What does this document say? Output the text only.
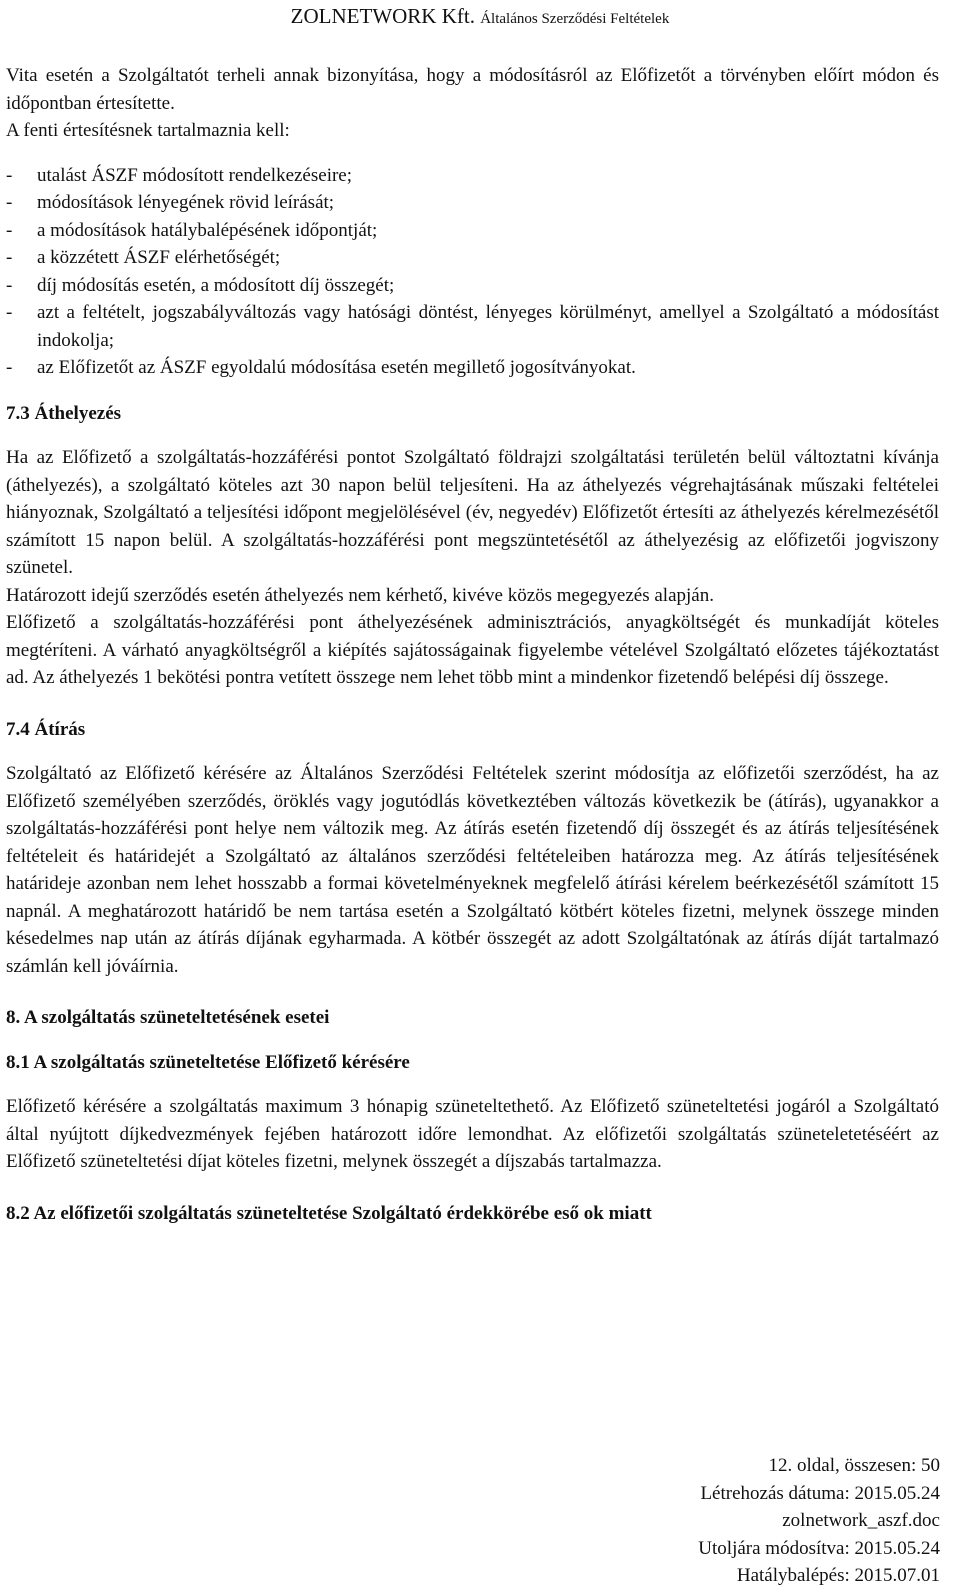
ZOLNETWORK Kft. Általános Szerződési Feltételek

Vita esetén a Szolgáltatót terheli annak bizonyítása, hogy a módosításról az Előfizetőt a törvényben előírt módon és időpontban értesítette.

A fenti értesítésnek tartalmaznia kell:

- utalást ÁSZF módosított rendelkezéseire;
- módosítások lényegének rövid leírását;
- a módosítások hatálybalépésének időpontját;
- a közzétett ÁSZF elérhetőségét;
- díj módosítás esetén, a módosított díj összegét;
- azt a feltételt, jogszabályváltozás vagy hatósági döntést, lényeges körülményt, amellyel a Szolgáltató a módosítást indokolja;
- az Előfizetőt az ÁSZF egyoldalú módosítása esetén megillető jogosítványokat.
7.3 Áthelyezés

Ha az Előfizető a szolgáltatás-hozzáférési pontot Szolgáltató földrajzi szolgáltatási területén belül változtatni kívánja (áthelyezés), a szolgáltató köteles azt 30 napon belül teljesíteni. Ha az áthelyezés végrehajtásának műszaki feltételei hiányoznak, Szolgáltató a teljesítési időpont megjelölésével (év, negyedév) Előfizetőt értesíti az áthelyezés kérelmezésétől számított 15 napon belül. A szolgáltatás-hozzáférési pont megszüntetésétől az áthelyezésig az előfizetői jogviszony szünetel.

Határozott idejű szerződés esetén áthelyezés nem kérhető, kivéve közös megegyezés alapján.

Előfizető a szolgáltatás-hozzáférési pont áthelyezésének adminisztrációs, anyagköltségét és munkadíját köteles megtéríteni. A várható anyagköltségről a kiépítés sajátosságainak figyelembe vételével Szolgáltató előzetes tájékoztatást ad. Az áthelyezés 1 bekötési pontra vetített összege nem lehet több mint a mindenkor fizetendő belépési díj összege.

7.4 Átírás

Szolgáltató az Előfizető kérésére az Általános Szerződési Feltételek szerint módosítja az előfizetői szerződést, ha az Előfizető személyében szerződés, öröklés vagy jogutódlás következtében változás következik be (átírás), ugyanakkor a szolgáltatás-hozzáférési pont helye nem változik meg. Az átírás esetén fizetendő díj összegét és az átírás teljesítésének feltételeit és határidejét a Szolgáltató az általános szerződési feltételeiben határozza meg. Az átírás teljesítésének határideje azonban nem lehet hosszabb a formai követelményeknek megfelelő átírási kérelem beérkezésétől számított 15 napnál. A meghatározott határidő be nem tartása esetén a Szolgáltató kötbért köteles fizetni, melynek összege minden késedelmes nap után az átírás díjának egyharmada. A kötbér összegét az adott Szolgáltatónak az átírás díját tartalmazó számlán kell jóváírnia.

8. A szolgáltatás szüneteltetésének esetei
8.1 A szolgáltatás szüneteltetése Előfizető kérésére

Előfizető kérésére a szolgáltatás maximum 3 hónapig szüneteltethető. Az Előfizető szüneteltetési jogáról a Szolgáltató által nyújtott díjkedvezmények fejében határozott időre lemondhat. Az előfizetői szolgáltatás szüneteletetéséért az Előfizető szüneteltetési díjat köteles fizetni, melynek összegét a díjszabás tartalmazza.

8.2 Az előfizetői szolgáltatás szüneteltetése Szolgáltató érdekkörébe eső ok miatt
12. oldal, összesen: 50
Létrehozás dátuma: 2015.05.24
zolnetwork_aszf.doc
Utoljára módosítva: 2015.05.24
Hatálybalépés: 2015.07.01
